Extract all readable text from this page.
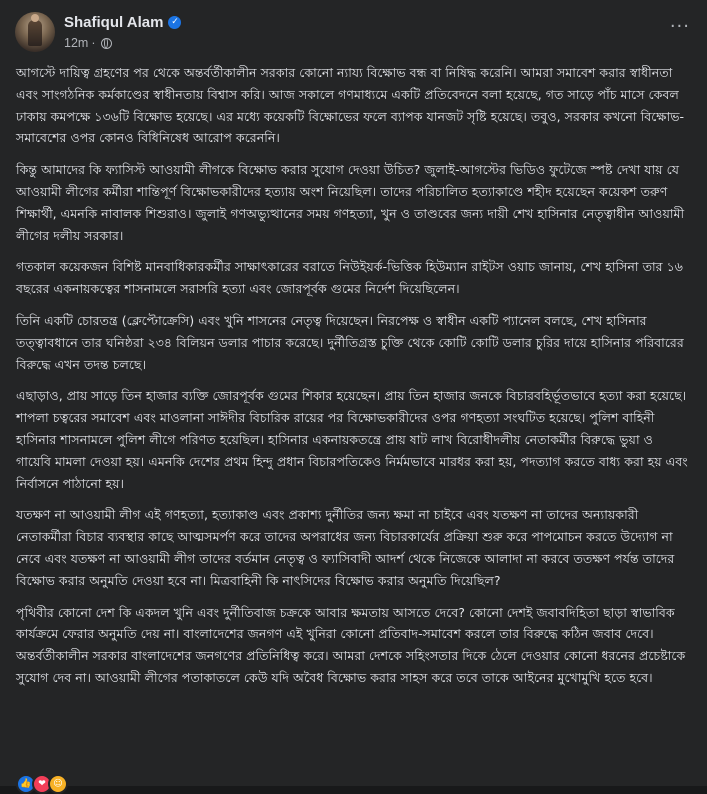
Shafiqul Alam ✓
12m ·
···

আগস্টে দায়িত্ব গ্রহণের পর থেকে অন্তর্বর্তীকালীন সরকার কোনো ন্যায্য বিক্ষোভ বন্ধ বা নিষিদ্ধ করেনি। আমরা সমাবেশ করার স্বাধীনতা এবং সাংগঠনিক কর্মকাণ্ডের স্বাধীনতায় বিশ্বাস করি। আজ সকালে গণমাধ্যমে একটি প্রতিবেদনে বলা হয়েছে, গত সাড়ে পাঁচ মাসে কেবল ঢাকায় কমপক্ষে ১৩৬টি বিক্ষোভ হয়েছে। এর মধ্যে কয়েকটি বিক্ষোভের ফলে ব্যাপক যানজট সৃষ্টি হয়েছে। তবুও, সরকার কখনো বিক্ষোভ-সমাবেশের ওপর কোনও বিধিনিষেধ আরোপ করেননি।

কিন্তু আমাদের কি ফ্যাসিস্ট আওয়ামী লীগকে বিক্ষোভ করার সুযোগ দেওয়া উচিত? জুলাই-আগস্টের ভিডিও ফুটেজে স্পষ্ট দেখা যায় যে আওয়ামী লীগের কর্মীরা শান্তিপূর্ণ বিক্ষোভকারীদের হত্যায় অংশ নিয়েছিল। তাদের পরিচালিত হত্যাকাণ্ডে শহীদ হয়েছেন কয়েকশ তরুণ শিক্ষার্থী, এমনকি নাবালক শিশুরাও। জুলাই গণঅভ্যুত্থানের সময় গণহত্যা, খুন ও তাণ্ডবের জন্য দায়ী শেখ হাসিনার নেতৃত্বাধীন আওয়ামী লীগের দলীয় সরকার।

গতকাল কয়েকজন বিশিষ্ট মানবাধিকারকর্মীর সাক্ষাৎকারের বরাতে নিউইয়র্ক-ভিত্তিক হিউম্যান রাইটস ওয়াচ জানায়, শেখ হাসিনা তার ১৬ বছরের একনায়কত্বের শাসনামলে সরাসরি হত্যা এবং জোরপূর্বক গুমের নির্দেশ দিয়েছিলেন।

তিনি একটি চোরতন্ত্র (ক্লেপ্টোক্রেসি) এবং খুনি শাসনের নেতৃত্ব দিয়েছেন। নিরপেক্ষ ও স্বাধীন একটি প্যানেল বলছে, শেখ হাসিনার তত্ত্বাবধানে তার ঘনিষ্ঠরা ২৩৪ বিলিয়ন ডলার পাচার করেছে। দুর্নীতিগ্রস্ত চুক্তি থেকে কোটি কোটি ডলার চুরির দায়ে হাসিনার পরিবারের বিরুদ্ধে এখন তদন্ত চলছে।

এছাড়াও, প্রায় সাড়ে তিন হাজার ব্যক্তি জোরপূর্বক গুমের শিকার হয়েছেন। প্রায় তিন হাজার জনকে বিচারবহির্ভূতভাবে হত্যা করা হয়েছে। শাপলা চত্বরের সমাবেশ এবং মাওলানা সাঈদীর বিচারিক রায়ের পর বিক্ষোভকারীদের ওপর গণহত্যা সংঘটিত হয়েছে। পুলিশ বাহিনী হাসিনার শাসনামলে পুলিশ লীগে পরিণত হয়েছিল। হাসিনার একনায়কতন্ত্রে প্রায় ষাট লাখ বিরোধীদলীয় নেতাকর্মীর বিরুদ্ধে ভুয়া ও গায়েবি মামলা দেওয়া হয়। এমনকি দেশের প্রথম হিন্দু প্রধান বিচারপতিকেও নির্মমভাবে মারধর করা হয়, পদত্যাগ করতে বাধ্য করা হয় এবং নির্বাসনে পাঠানো হয়।

যতক্ষণ না আওয়ামী লীগ এই গণহত্যা, হত্যাকাণ্ড এবং প্রকাশ্য দুর্নীতির জন্য ক্ষমা না চাইবে এবং যতক্ষণ না তাদের অন্যায়কারী নেতাকর্মীরা বিচার ব্যবস্থার কাছে আত্মসমর্পণ করে তাদের অপরাধের জন্য বিচারকার্যের প্রক্রিয়া শুরু করে পাপমোচন করতে উদ্যোগ না নেবে এবং যতক্ষণ না আওয়ামী লীগ তাদের বর্তমান নেতৃত্ব ও ফ্যাসিবাদী আদর্শ থেকে নিজেকে আলাদা না করবে ততক্ষণ পর্যন্ত তাদের বিক্ষোভ করার অনুমতি দেওয়া হবে না। মিত্রবাহিনী কি নাৎসিদের বিক্ষোভ করার অনুমতি দিয়েছিল?

পৃথিবীর কোনো দেশ কি একদল খুনি এবং দুর্নীতিবাজ চক্রকে আবার ক্ষমতায় আসতে দেবে? কোনো দেশই জবাবদিহিতা ছাড়া স্বাভাবিক কার্যক্রমে ফেরার অনুমতি দেয় না। বাংলাদেশের জনগণ এই খুনিরা কোনো প্রতিবাদ-সমাবেশ করলে তার বিরুদ্ধে কঠিন জবাব দেবে। অন্তর্বর্তীকালীন সরকার বাংলাদেশের জনগণের প্রতিনিধিত্ব করে। আমরা দেশকে সহিংসতার দিকে ঠেলে দেওয়ার কোনো ধরনের প্রচেষ্টাকে সুযোগ দেব না। আওয়ামী লীগের পতাকাতলে কেউ যদি অবৈধ বিক্ষোভ করার সাহস করে তবে তাকে আইনের মুখোমুখি হতে হবে।

👍 ❤ ☺
